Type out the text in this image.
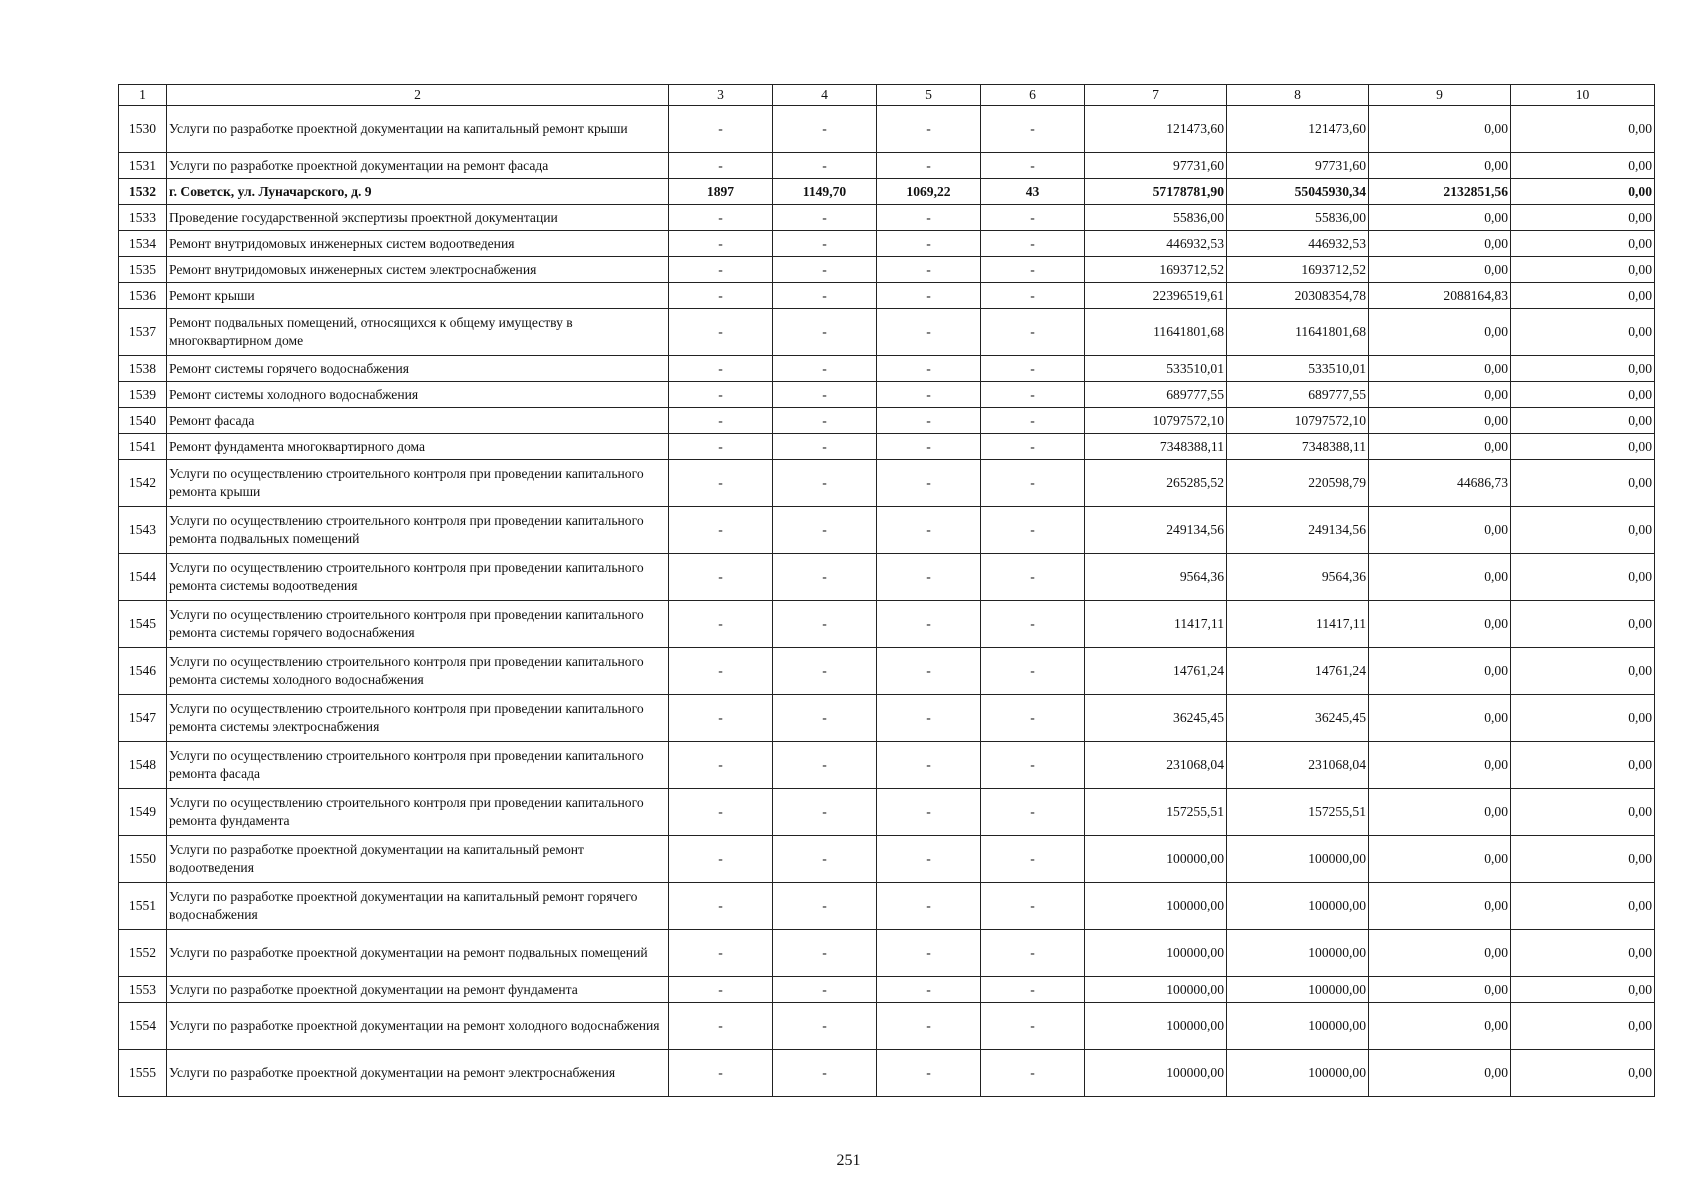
1	2	3	4	5	6	7	8	9	10
1530	Услуги по разработке проектной документации на капитальный ремонт крыши	-	-	-	-	121473,60	121473,60	0,00	0,00
1531	Услуги по разработке проектной документации на ремонт фасада	-	-	-	-	97731,60	97731,60	0,00	0,00
1532	г. Советск, ул. Луначарского, д. 9	1897	1149,70	1069,22	43	57178781,90	55045930,34	2132851,56	0,00
1533	Проведение государственной экспертизы проектной документации	-	-	-	-	55836,00	55836,00	0,00	0,00
1534	Ремонт внутридомовых инженерных систем водоотведения	-	-	-	-	446932,53	446932,53	0,00	0,00
1535	Ремонт внутридомовых инженерных систем электроснабжения	-	-	-	-	1693712,52	1693712,52	0,00	0,00
1536	Ремонт крыши	-	-	-	-	22396519,61	20308354,78	2088164,83	0,00
1537	Ремонт подвальных помещений, относящихся к общему имуществу в многоквартирном доме	-	-	-	-	11641801,68	11641801,68	0,00	0,00
1538	Ремонт системы горячего водоснабжения	-	-	-	-	533510,01	533510,01	0,00	0,00
1539	Ремонт системы холодного водоснабжения	-	-	-	-	689777,55	689777,55	0,00	0,00
1540	Ремонт фасада	-	-	-	-	10797572,10	10797572,10	0,00	0,00
1541	Ремонт фундамента многоквартирного дома	-	-	-	-	7348388,11	7348388,11	0,00	0,00
1542	Услуги по осуществлению строительного контроля при проведении капитального ремонта крыши	-	-	-	-	265285,52	220598,79	44686,73	0,00
1543	Услуги по осуществлению строительного контроля при проведении капитального ремонта подвальных помещений	-	-	-	-	249134,56	249134,56	0,00	0,00
1544	Услуги по осуществлению строительного контроля при проведении капитального ремонта системы водоотведения	-	-	-	-	9564,36	9564,36	0,00	0,00
1545	Услуги по осуществлению строительного контроля при проведении капитального ремонта системы горячего водоснабжения	-	-	-	-	11417,11	11417,11	0,00	0,00
1546	Услуги по осуществлению строительного контроля при проведении капитального ремонта системы холодного водоснабжения	-	-	-	-	14761,24	14761,24	0,00	0,00
1547	Услуги по осуществлению строительного контроля при проведении капитального ремонта системы электроснабжения	-	-	-	-	36245,45	36245,45	0,00	0,00
1548	Услуги по осуществлению строительного контроля при проведении капитального ремонта фасада	-	-	-	-	231068,04	231068,04	0,00	0,00
1549	Услуги по осуществлению строительного контроля при проведении капитального ремонта фундамента	-	-	-	-	157255,51	157255,51	0,00	0,00
1550	Услуги по разработке проектной документации на капитальный ремонт водоотведения	-	-	-	-	100000,00	100000,00	0,00	0,00
1551	Услуги по разработке проектной документации на капитальный ремонт горячего водоснабжения	-	-	-	-	100000,00	100000,00	0,00	0,00
1552	Услуги по разработке проектной документации на ремонт подвальных помещений	-	-	-	-	100000,00	100000,00	0,00	0,00
1553	Услуги по разработке проектной документации на ремонт фундамента	-	-	-	-	100000,00	100000,00	0,00	0,00
1554	Услуги по разработке проектной документации на ремонт холодного водоснабжения	-	-	-	-	100000,00	100000,00	0,00	0,00
1555	Услуги по разработке проектной документации на ремонт электроснабжения	-	-	-	-	100000,00	100000,00	0,00	0,00
251
